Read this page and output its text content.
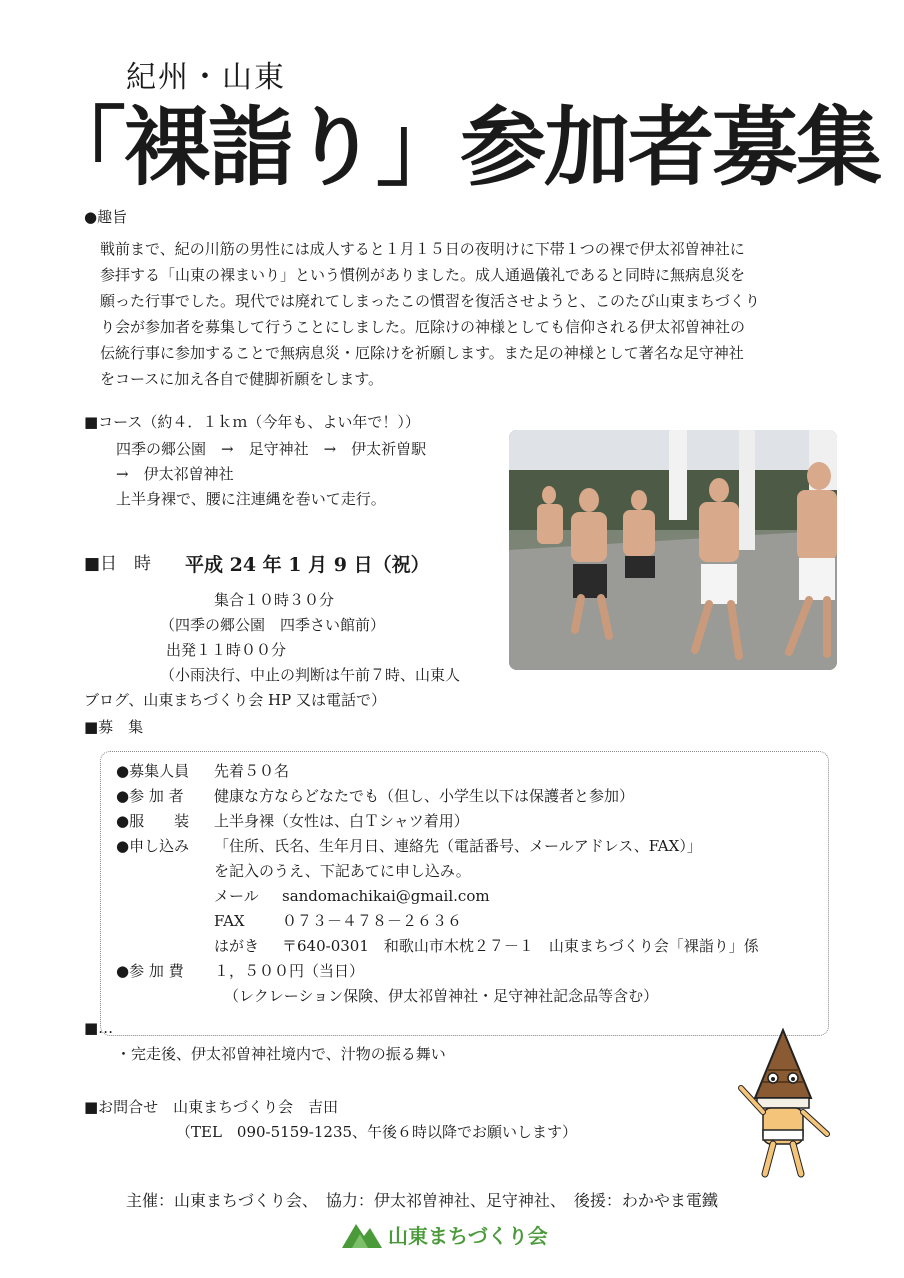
紀州・山東
「裸詣り」参加者募集
●趣旨

戦前まで、紀の川筋の男性には成人すると１月１５日の夜明けに下帯１つの裸で伊太祁曽神社に

参拝する「山東の裸まいり」という慣例がありました。成人通過儀礼であると同時に無病息災を

願った行事でした。現代では廃れてしまったこの慣習を復活させようと、このたび山東まちづくり

り会が参加者を募集して行うことにしました。厄除けの神様としても信仰される伊太祁曽神社の

伝統行事に参加することで無病息災・厄除けを祈願します。また足の神様として著名な足守神社

をコースに加え各自で健脚祈願をします。

■コース（約４．１ｋｍ（今年も、よい年で！））
四季の郷公園　→　足守神社　→　伊太祈曽駅
→　伊太祁曽神社
上半身裸で、腰に注連縄を巻いて走行。
■日　時 平成 24 年 1 月 9 日（祝）
集合１０時３０分
（四季の郷公園　四季さい館前）
出発１１時００分
（小雨決行、中止の判断は午前７時、山東人
ブログ、山東まちづくり会 HP 又は電話で）
■募　集
●募集人員 先着５０名
●参 加 者 健康な方ならどなたでも（但し、小学生以下は保護者と参加）
●服　　装 上半身裸（女性は、白Ｔシャツ着用）
●申し込み 「住所、氏名、生年月日、連絡先（電話番号、メールアドレス、FAX）」
を記入のうえ、下記あてに申し込み。
メール sandomachikai@gmail.com
FAX ０７３－４７８－２６３６
はがき 〒640-0301　和歌山市木枕２７－１　山東まちづくり会「裸詣り」係
●参 加 費 １，５００円（当日）
（レクレーション保険、伊太祁曽神社・足守神社記念品等含む）
■…
・完走後、伊太祁曽神社境内で、汁物の振る舞い
■お問合せ　山東まちづくり会　吉田
（TEL　090-5159-1235、午後６時以降でお願いします）
主催：山東まちづくり会、　協力：伊太祁曽神社、足守神社、　後援：わかやま電鐵
山東まちづくり会
